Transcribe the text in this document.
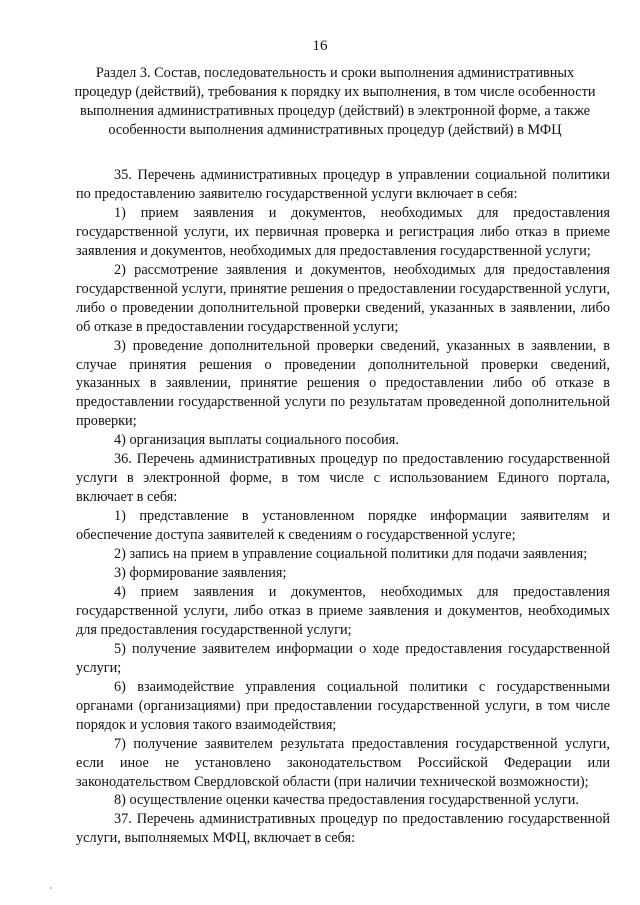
16
Раздел 3. Состав, последовательность и сроки выполнения административных процедур (действий), требования к порядку их выполнения, в том числе особенности выполнения административных процедур (действий) в электронной форме, а также особенности выполнения административных процедур (действий) в МФЦ

35. Перечень административных процедур в управлении социальной политики по предоставлению заявителю государственной услуги включает в себя:

1) прием заявления и документов, необходимых для предоставления государственной услуги, их первичная проверка и регистрация либо отказ в приеме заявления и документов, необходимых для предоставления государственной услуги;

2) рассмотрение заявления и документов, необходимых для предоставления государственной услуги, принятие решения о предоставлении государственной услуги, либо о проведении дополнительной проверки сведений, указанных в заявлении, либо об отказе в предоставлении государственной услуги;

3) проведение дополнительной проверки сведений, указанных в заявлении, в случае принятия решения о проведении дополнительной проверки сведений, указанных в заявлении, принятие решения о предоставлении либо об отказе в предоставлении государственной услуги по результатам проведенной дополнительной проверки;

4) организация выплаты социального пособия.

36. Перечень административных процедур по предоставлению государственной услуги в электронной форме, в том числе с использованием Единого портала, включает в себя:

1) представление в установленном порядке информации заявителям и обеспечение доступа заявителей к сведениям о государственной услуге;

2) запись на прием в управление социальной политики для подачи заявления;

3) формирование заявления;

4) прием заявления и документов, необходимых для предоставления государственной услуги, либо отказ в приеме заявления и документов, необходимых для предоставления государственной услуги;

5) получение заявителем информации о ходе предоставления государственной услуги;

6) взаимодействие управления социальной политики с государственными органами (организациями) при предоставлении государственной услуги, в том числе порядок и условия такого взаимодействия;

7) получение заявителем результата предоставления государственной услуги, если иное не установлено законодательством Российской Федерации или законодательством Свердловской области (при наличии технической возможности);

8) осуществление оценки качества предоставления государственной услуги.

37. Перечень административных процедур по предоставлению государственной услуги, выполняемых МФЦ, включает в себя:
